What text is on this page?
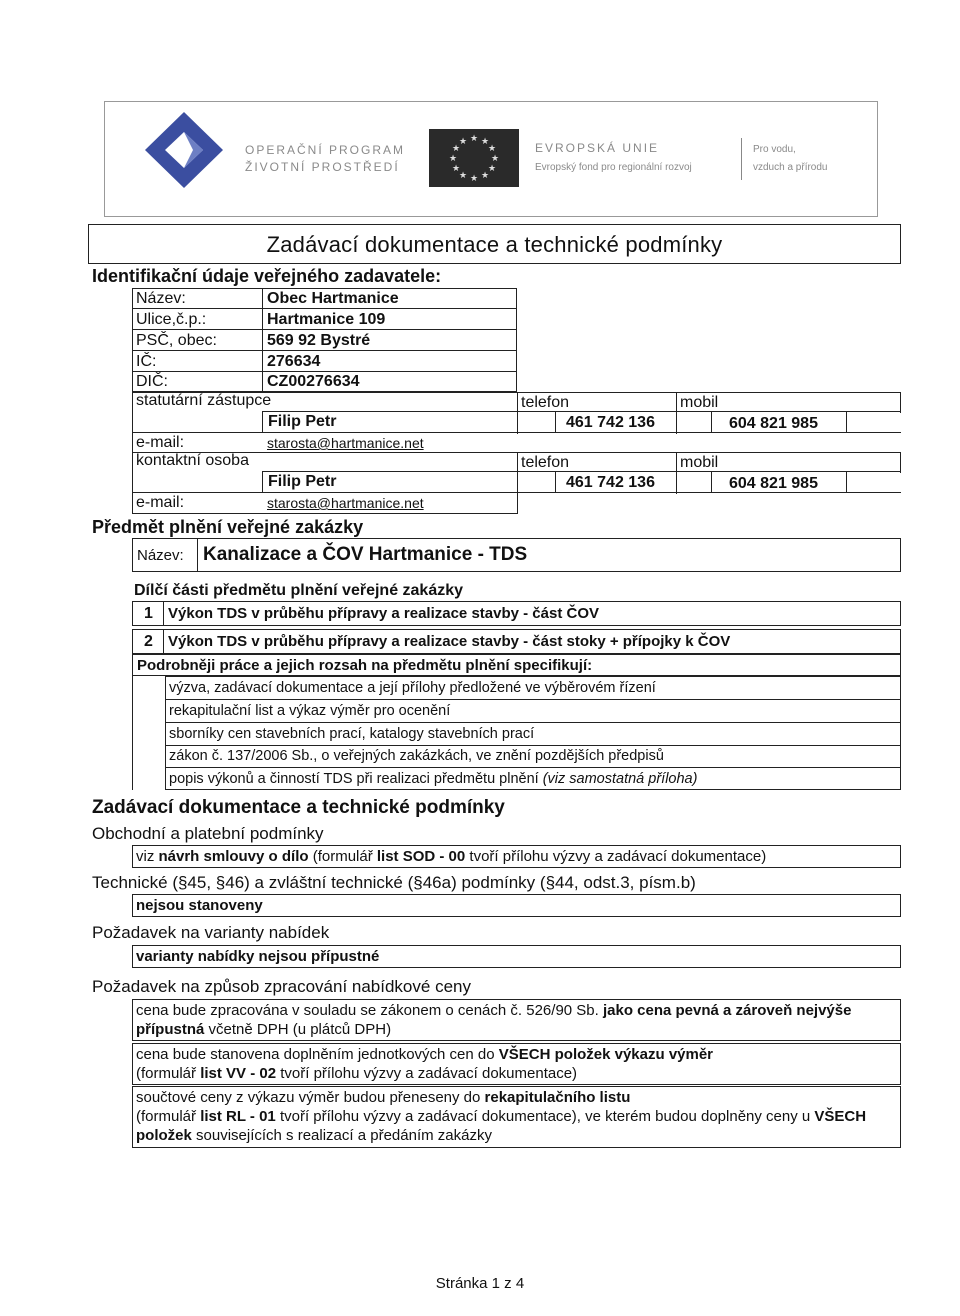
OPERAČNÍ PROGRAM
ŽIVOTNÍ PROSTŘEDÍ
★ ★
★
★
★
★
★
★
★
★
★
★	EVROPSKÁ UNIE
Evropský fond pro regionální rozvoj
Pro vodu,
vzduch a přírodu
Zadávací dokumentace a technické podmínky
Identifikační údaje veřejného zadavatele:
Název:	Obec Hartmanice
Ulice,č.p.:	Hartmanice 109
PSČ, obec:	569 92 Bystré
IČ:	276634
DIČ:	CZ00276634
statutární zástupce	telefon	mobil
Filip Petr	461 742 136	604 821 985
e-mail:	starosta@hartmanice.net
kontaktní osoba	telefon	mobil
Filip Petr	461 742 136	604 821 985
e-mail:	starosta@hartmanice.net
Předmět plnění veřejné zakázky
Název: Kanalizace a ČOV Hartmanice - TDS
Dílčí části předmětu plnění veřejné zakázky
1 Výkon TDS v průběhu přípravy a realizace stavby - část ČOV
2 Výkon TDS v průběhu přípravy a realizace stavby - část stoky + přípojky k ČOV
Podrobněji práce a jejich rozsah na předmětu plnění specifikují:
výzva, zadávací dokumentace a její přílohy předložené ve výběrovém řízení
rekapitulační list a výkaz výměr pro ocenění
sborníky cen stavebních prací, katalogy stavebních prací
zákon č. 137/2006 Sb., o veřejných zakázkách, ve znění pozdějších předpisů
popis výkonů a činností TDS při realizaci předmětu plnění (viz samostatná příloha)
Zadávací dokumentace a technické podmínky
Obchodní a platební podmínky
viz návrh smlouvy o dílo (formulář list SOD - 00 tvoří přílohu výzvy a zadávací dokumentace)
Technické (§45, §46) a zvláštní technické (§46a) podmínky (§44, odst.3, písm.b)
nejsou stanoveny
Požadavek na varianty nabídek
varianty nabídky nejsou přípustné
Požadavek na způsob zpracování nabídkové ceny
cena bude zpracována v souladu se zákonem o cenách č. 526/90 Sb. jako cena pevná a zároveň nejvýše
přípustná včetně DPH (u plátců DPH)
cena bude stanovena doplněním jednotkových cen do VŠECH položek výkazu výměr
(formulář list VV - 02 tvoří přílohu výzvy a zadávací dokumentace)
součtové ceny z výkazu výměr budou přeneseny do rekapitulačního listu
(formulář list RL - 01 tvoří přílohu výzvy a zadávací dokumentace), ve kterém budou doplněny ceny u VŠECH
položek souvisejících s realizací a předáním zakázky
Stránka 1 z 4
